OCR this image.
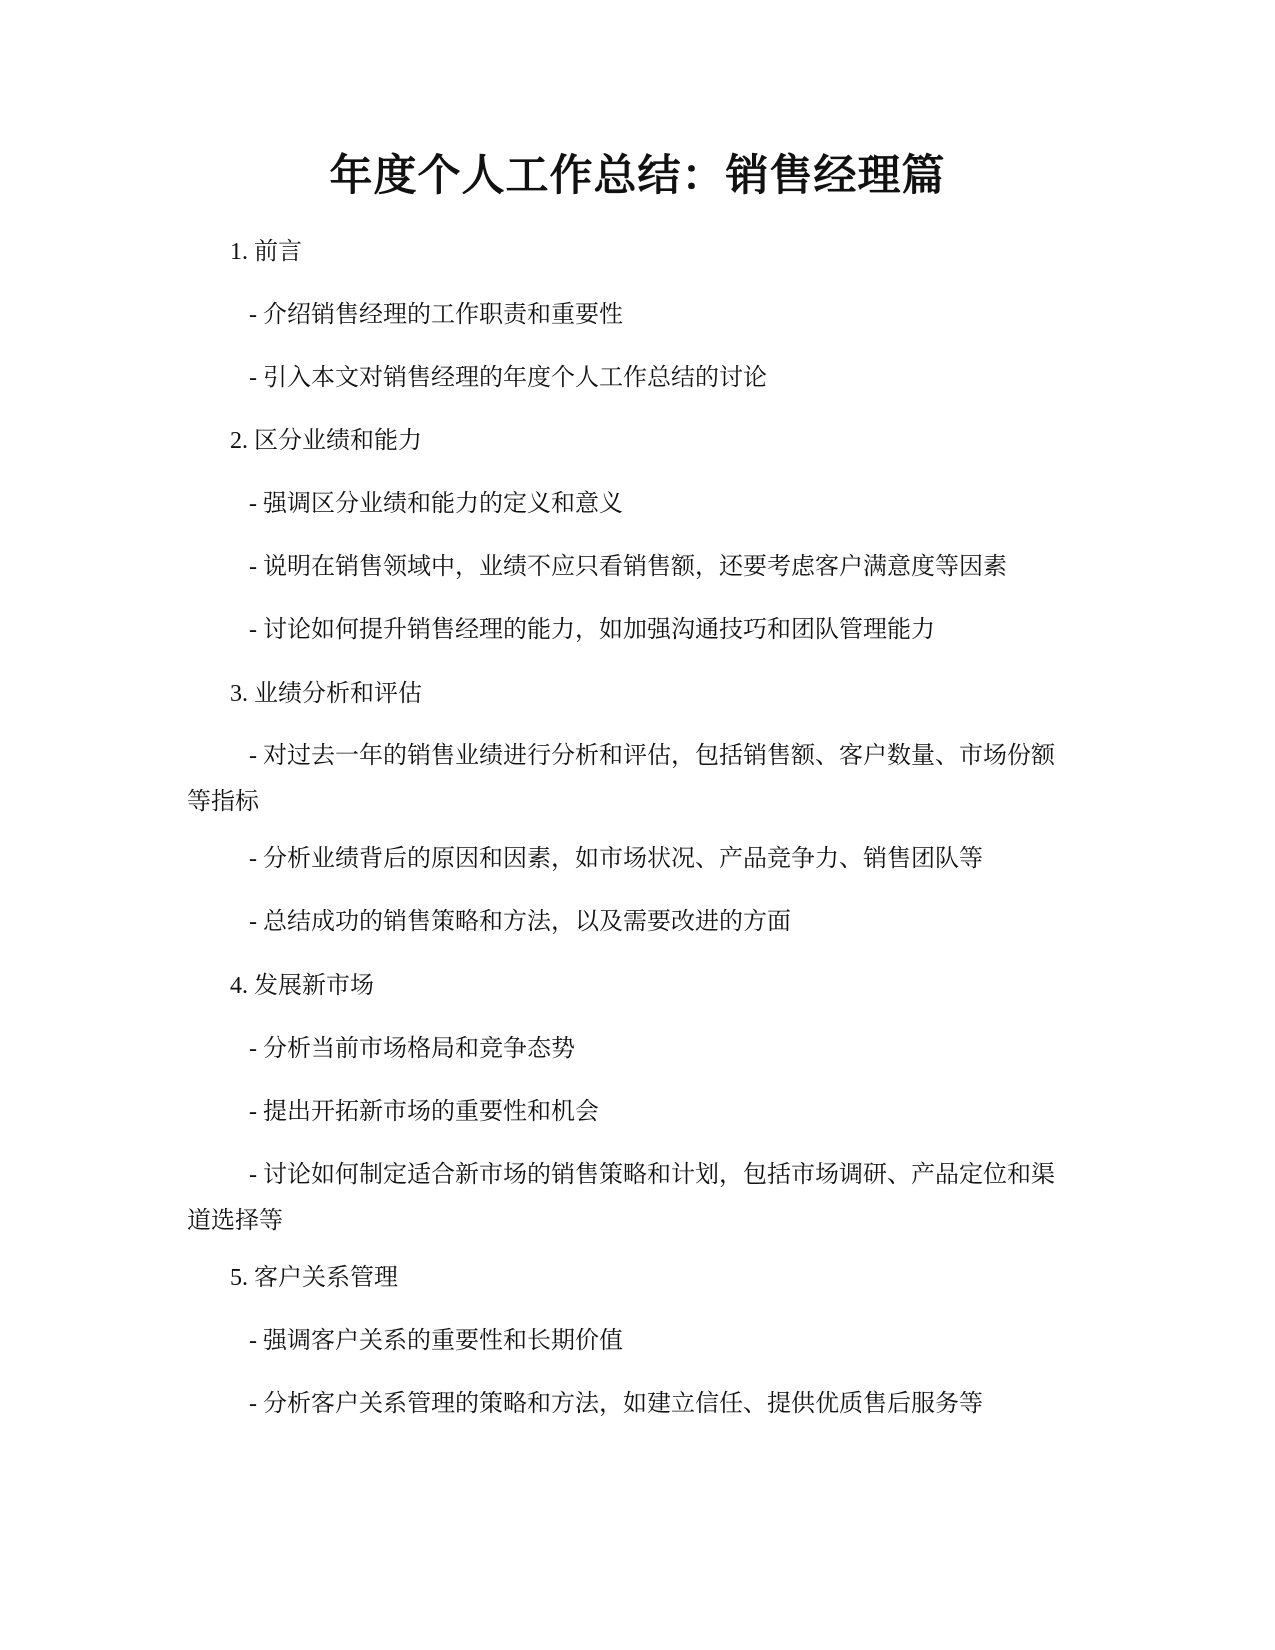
年度个人工作总结：销售经理篇

1. 前言

- 介绍销售经理的工作职责和重要性

- 引入本文对销售经理的年度个人工作总结的讨论

2. 区分业绩和能力

- 强调区分业绩和能力的定义和意义

- 说明在销售领域中，业绩不应只看销售额，还要考虑客户满意度等因素

- 讨论如何提升销售经理的能力，如加强沟通技巧和团队管理能力

3. 业绩分析和评估

- 对过去一年的销售业绩进行分析和评估，包括销售额、客户数量、市场份额等指标

- 分析业绩背后的原因和因素，如市场状况、产品竞争力、销售团队等

- 总结成功的销售策略和方法，以及需要改进的方面

4. 发展新市场

- 分析当前市场格局和竞争态势

- 提出开拓新市场的重要性和机会

- 讨论如何制定适合新市场的销售策略和计划，包括市场调研、产品定位和渠道选择等

5. 客户关系管理

- 强调客户关系的重要性和长期价值

- 分析客户关系管理的策略和方法，如建立信任、提供优质售后服务等
